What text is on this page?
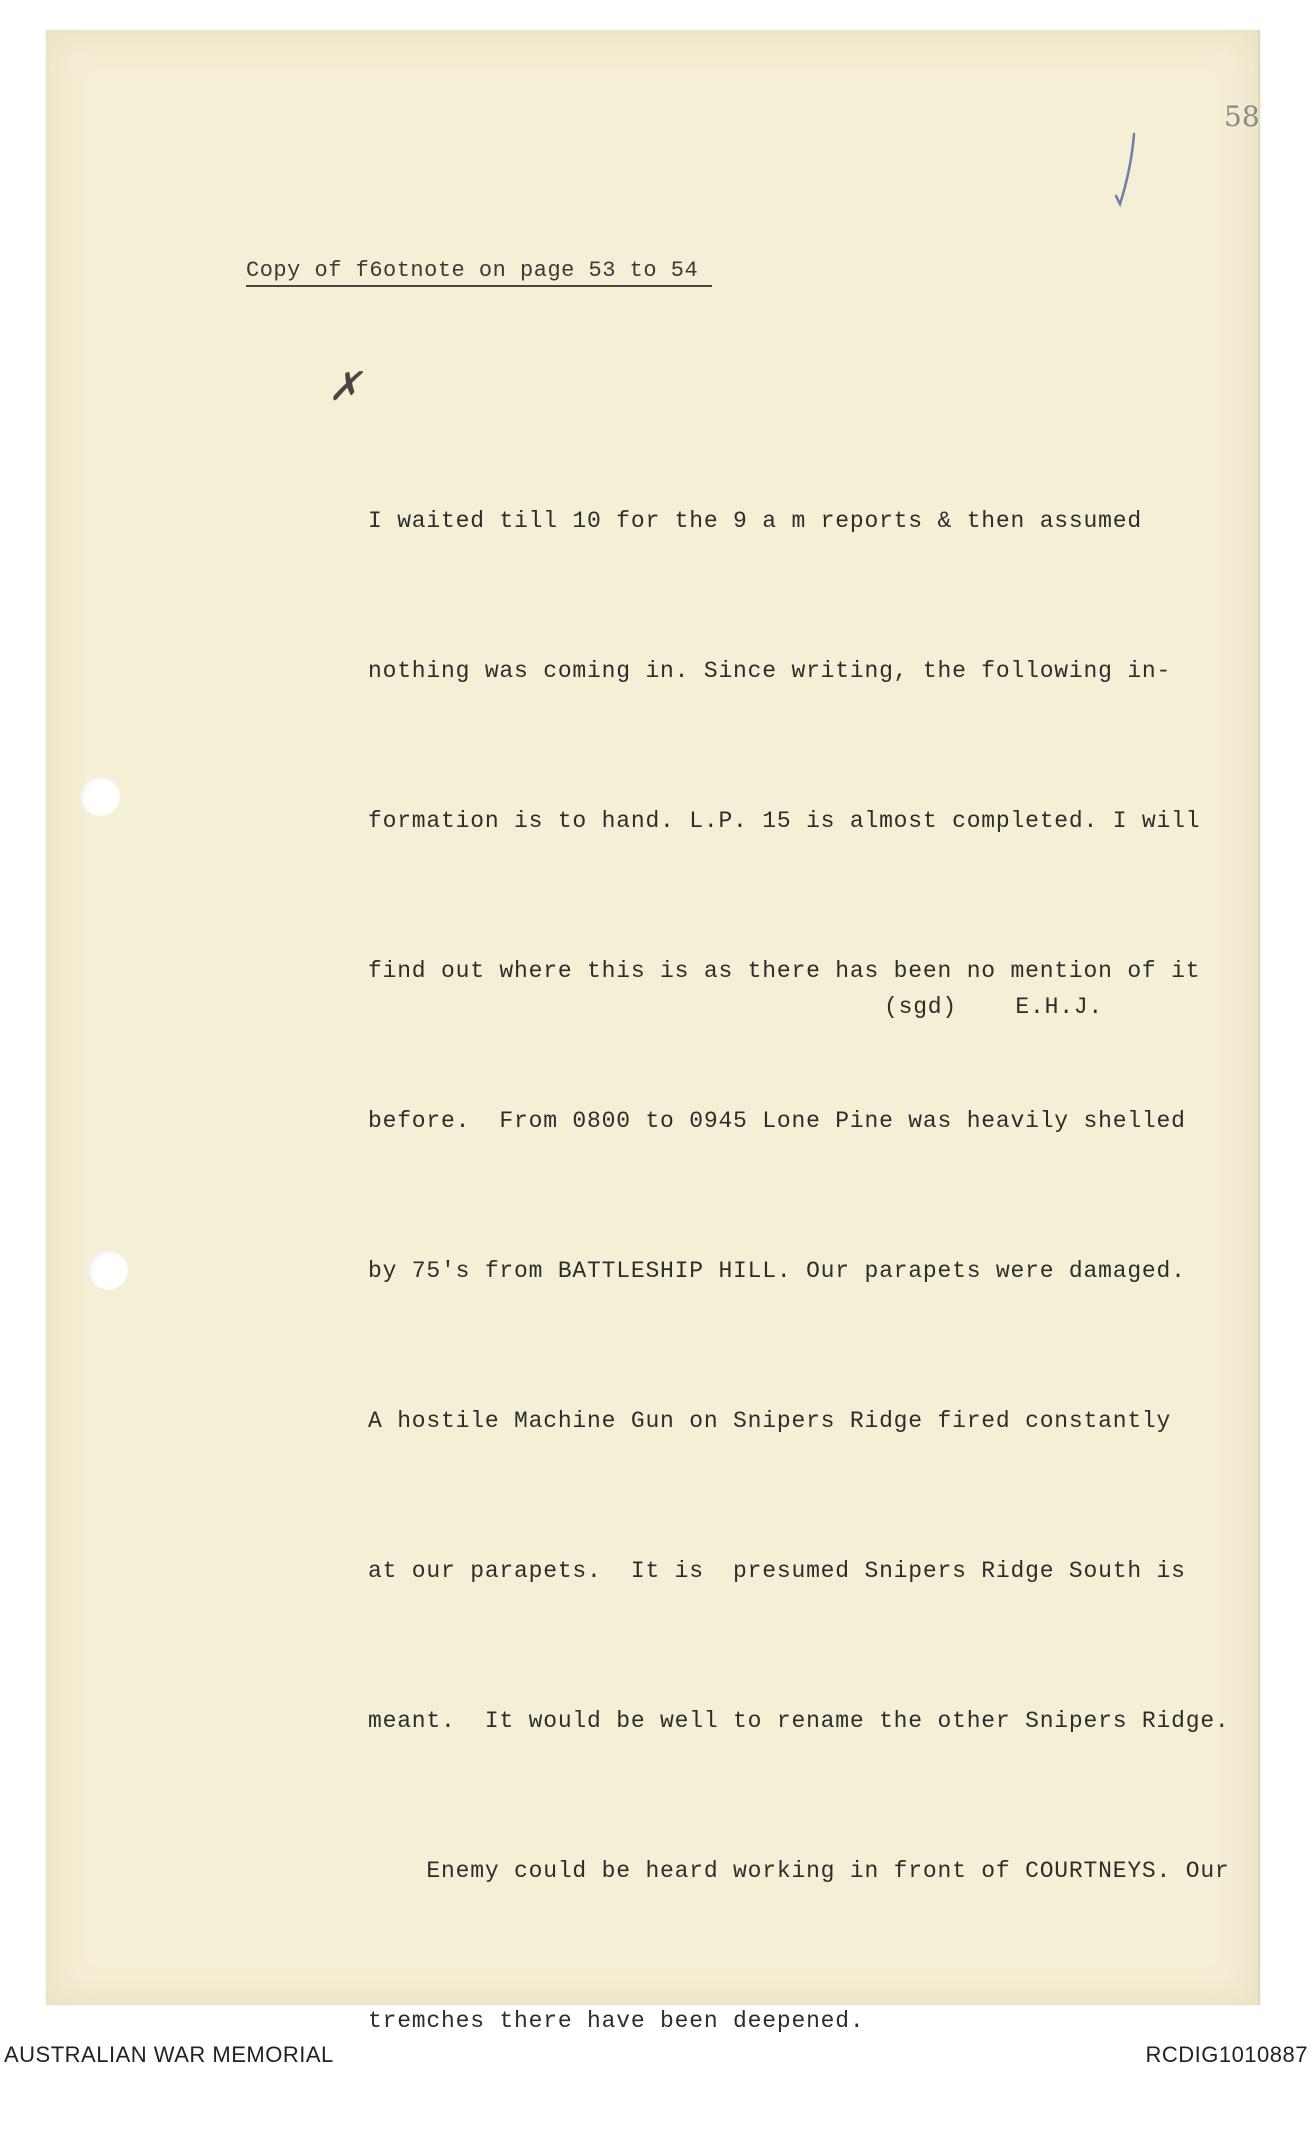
58
Copy of f6otnote on page 53 to 54
✗

I waited till 10 for the 9 a m reports & then assumed

nothing was coming in. Since writing, the following in-

formation is to hand. L.P. 15 is almost completed. I will

find out where this is as there has been no mention of it

before.  From 0800 to 0945 Lone Pine was heavily shelled

by 75's from BATTLESHIP HILL. Our parapets were damaged.

A hostile Machine Gun on Snipers Ridge fired constantly

at our parapets.  It is  presumed Snipers Ridge South is

meant.  It would be well to rename the other Snipers Ridge.

Enemy could be heard working in front of COURTNEYS. Our

tremches there have been deepened.

(sgd)    E.H.J.
AUSTRALIAN WAR MEMORIAL	RCDIG1010887
